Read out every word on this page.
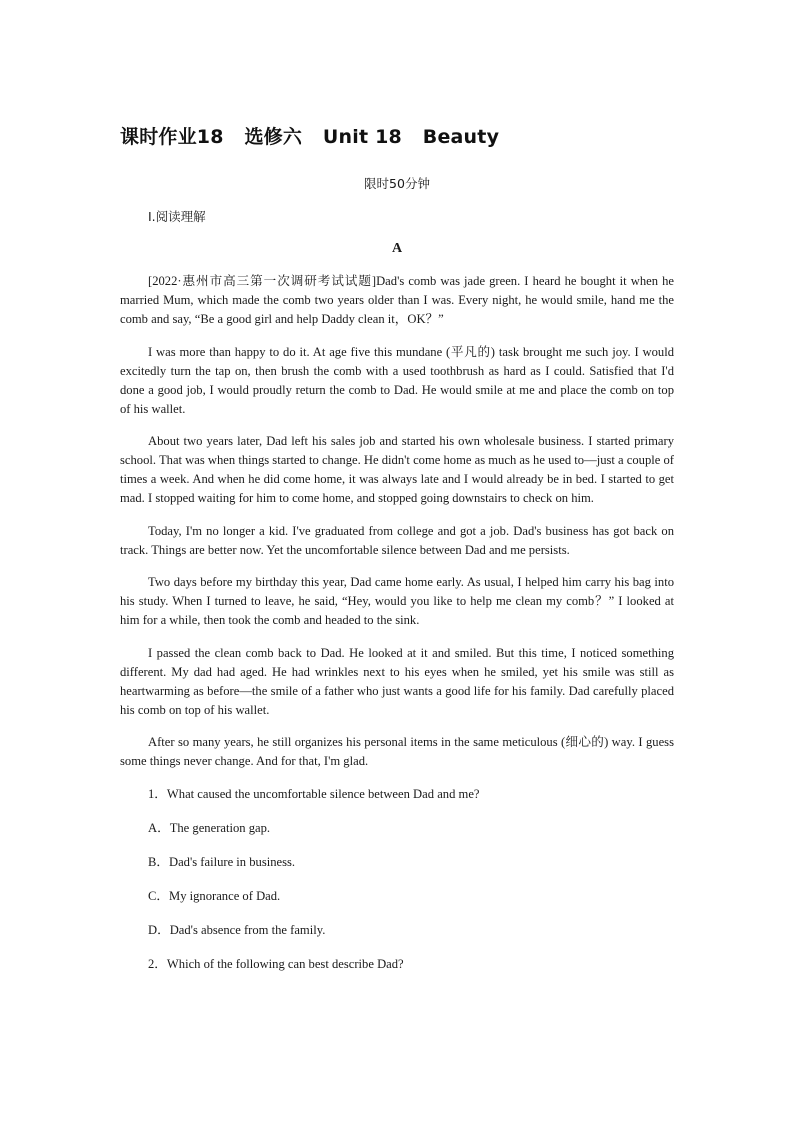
课时作业18 选修六 Unit 18 Beauty
限时50分钟
Ⅰ.阅读理解
A

[2022·惠州市高三第一次调研考试试题]Dad's comb was jade green. I heard he bought it when he married Mum, which made the comb two years older than I was. Every night, he would smile, hand me the comb and say, “Be a good girl and help Daddy clean it，OK？”

I was more than happy to do it. At age five this mundane (平凡的) task brought me such joy. I would excitedly turn the tap on, then brush the comb with a used toothbrush as hard as I could. Satisfied that I'd done a good job, I would proudly return the comb to Dad. He would smile at me and place the comb on top of his wallet.

About two years later, Dad left his sales job and started his own wholesale business. I started primary school. That was when things started to change. He didn't come home as much as he used to—just a couple of times a week. And when he did come home, it was always late and I would already be in bed. I started to get mad. I stopped waiting for him to come home, and stopped going downstairs to check on him.

Today, I'm no longer a kid. I've graduated from college and got a job. Dad's business has got back on track. Things are better now. Yet the uncomfortable silence between Dad and me persists.

Two days before my birthday this year, Dad came home early. As usual, I helped him carry his bag into his study. When I turned to leave, he said, “Hey, would you like to help me clean my comb？” I looked at him for a while, then took the comb and headed to the sink.

I passed the clean comb back to Dad. He looked at it and smiled. But this time, I noticed something different. My dad had aged. He had wrinkles next to his eyes when he smiled, yet his smile was still as heartwarming as before—the smile of a father who just wants a good life for his family. Dad carefully placed his comb on top of his wallet.

After so many years, he still organizes his personal items in the same meticulous (细心的) way. I guess some things never change. And for that, I'm glad.

1．What caused the uncomfortable silence between Dad and me?
A．The generation gap.
B．Dad's failure in business.
C．My ignorance of Dad.
D．Dad's absence from the family.
2．Which of the following can best describe Dad?
